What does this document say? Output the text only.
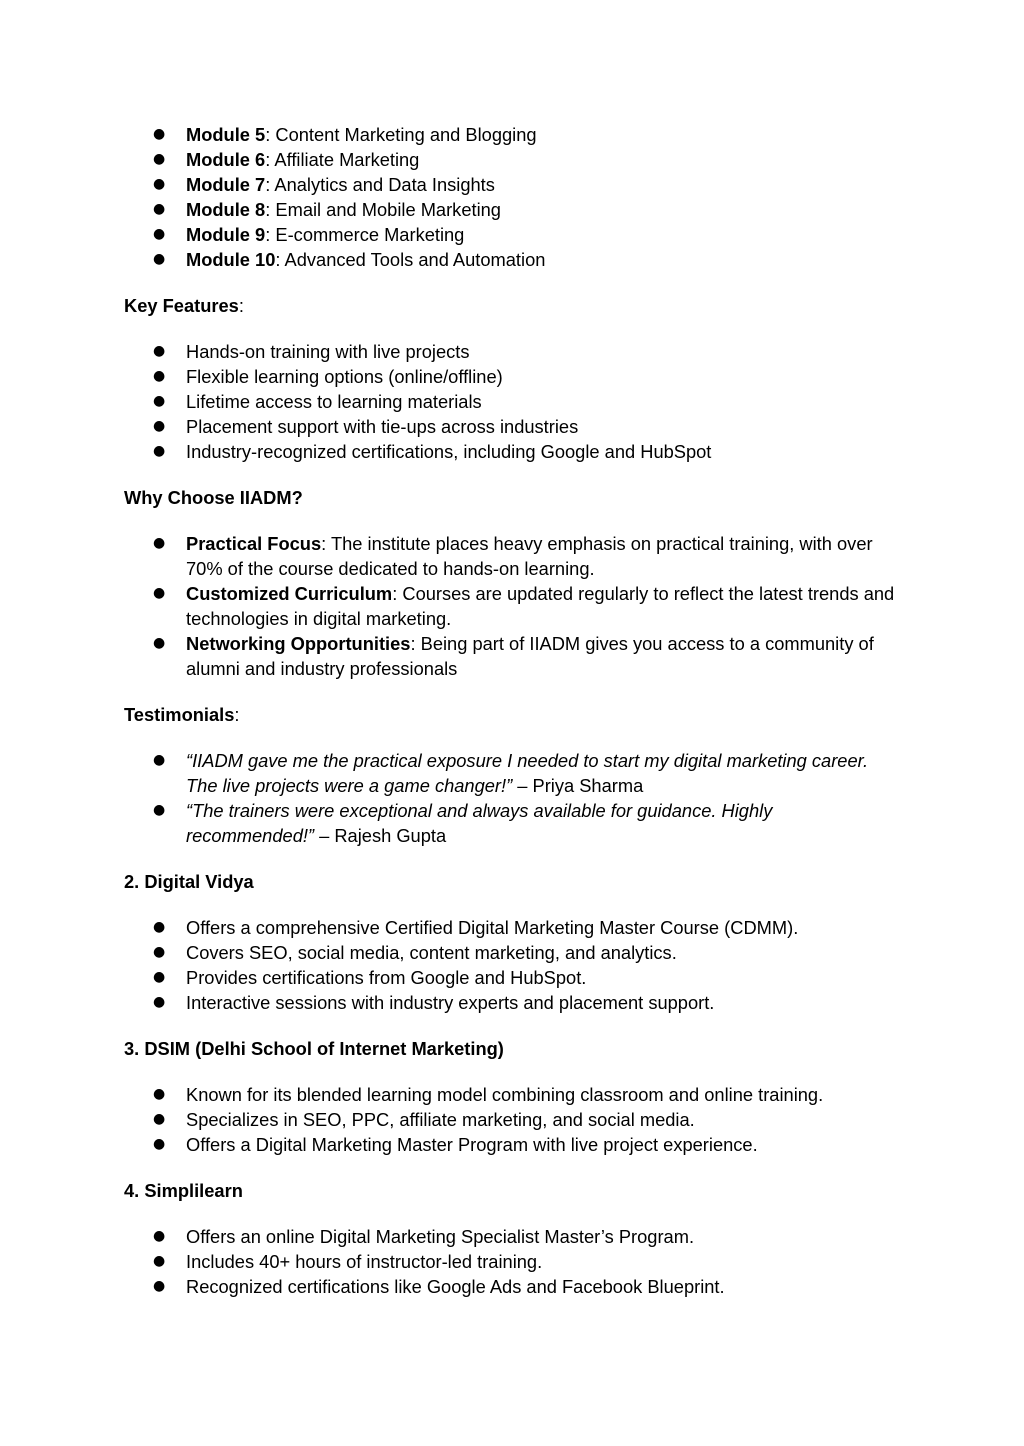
● Module 5: Content Marketing and Blogging
● Module 6: Affiliate Marketing
● Module 7: Analytics and Data Insights
● Module 8: Email and Mobile Marketing
● Module 9: E-commerce Marketing
● Module 10: Advanced Tools and Automation

Key Features:

● Hands-on training with live projects
● Flexible learning options (online/offline)
● Lifetime access to learning materials
● Placement support with tie-ups across industries
● Industry-recognized certifications, including Google and HubSpot

Why Choose IIADM?

● Practical Focus: The institute places heavy emphasis on practical training, with over 70% of the course dedicated to hands-on learning.
● Customized Curriculum: Courses are updated regularly to reflect the latest trends and technologies in digital marketing.
● Networking Opportunities: Being part of IIADM gives you access to a community of alumni and industry professionals

Testimonials:

● “IIADM gave me the practical exposure I needed to start my digital marketing career. The live projects were a game changer!” – Priya Sharma
● “The trainers were exceptional and always available for guidance. Highly recommended!” – Rajesh Gupta

2. Digital Vidya

● Offers a comprehensive Certified Digital Marketing Master Course (CDMM).
● Covers SEO, social media, content marketing, and analytics.
● Provides certifications from Google and HubSpot.
● Interactive sessions with industry experts and placement support.

3. DSIM (Delhi School of Internet Marketing)

● Known for its blended learning model combining classroom and online training.
● Specializes in SEO, PPC, affiliate marketing, and social media.
● Offers a Digital Marketing Master Program with live project experience.

4. Simplilearn

● Offers an online Digital Marketing Specialist Master’s Program.
● Includes 40+ hours of instructor-led training.
● Recognized certifications like Google Ads and Facebook Blueprint.
